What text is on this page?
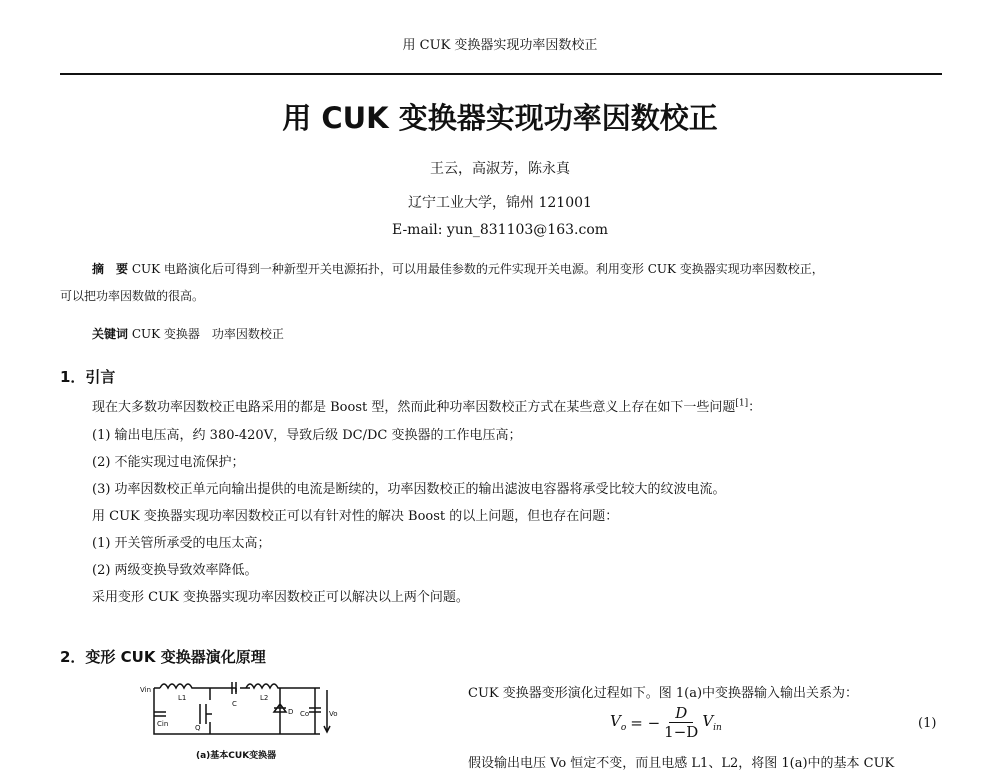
用 CUK 变换器实现功率因数校正
用 CUK 变换器实现功率因数校正
王云，高淑芳，陈永真
辽宁工业大学，锦州 121001
E-mail: yun_831103@163.com
摘　要 CUK 电路演化后可得到一种新型开关电源拓扑，可以用最佳参数的元件实现开关电源。利用变形 CUK 变换器实现功率因数校正，
可以把功率因数做的很高。
关键词 CUK 变换器　功率因数校正
1．引言
现在大多数功率因数校正电路采用的都是 Boost 型，然而此种功率因数校正方式在某些意义上存在如下一些问题[1]：
(1) 输出电压高，约 380-420V，导致后级 DC/DC 变换器的工作电压高；
(2) 不能实现过电流保护；
(3) 功率因数校正单元向输出提供的电流是断续的，功率因数校正的输出滤波电容器将承受比较大的纹波电流。
用 CUK 变换器实现功率因数校正可以有针对性的解决 Boost 的以上问题，但也存在问题：
(1) 开关管所承受的电压太高；
(2) 两级变换导致效率降低。
采用变形 CUK 变换器实现功率因数校正可以解决以上两个问题。
2．变形 CUK 变换器演化原理
Vin
L1
C
L2
D
Cin	Q
Co	Vo
(a)基本CUK变换器
CUK 变换器变形演化过程如下。图 1(a)中变换器输入输出关系为：
$V_o$ = − $\frac{D}{1-D} V_{in}$	(1)
假设输出电压 Vo 恒定不变，而且电感 L1、L2，将图 1(a)中的基本 CUK
